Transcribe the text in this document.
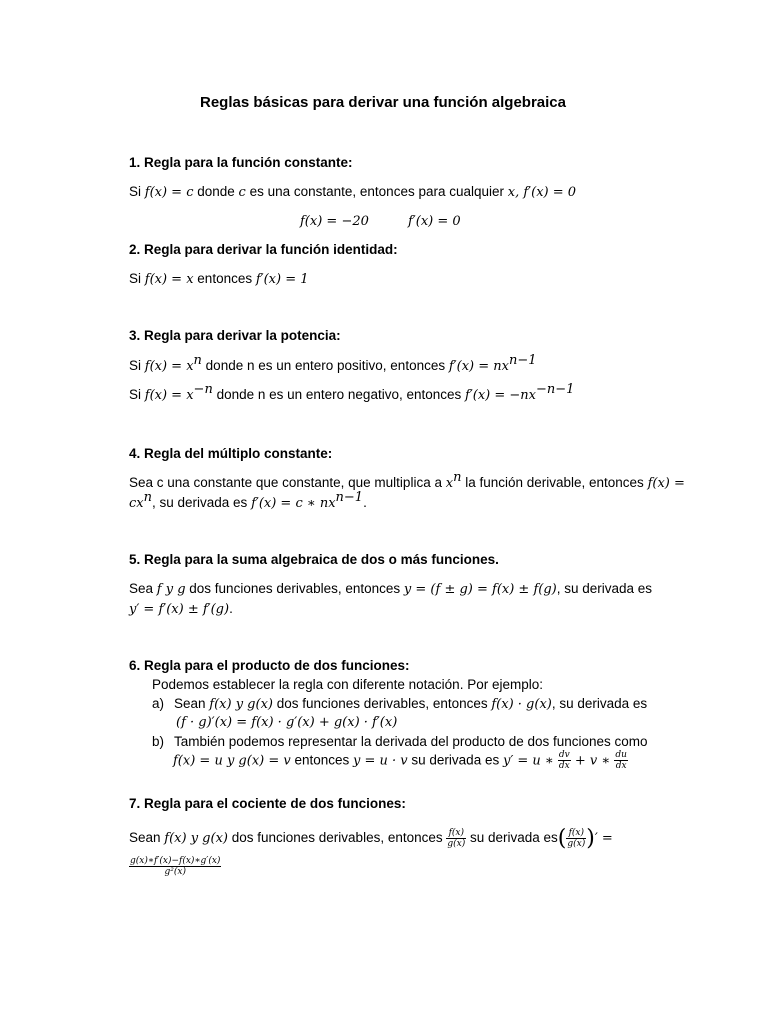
Reglas básicas para derivar una función algebraica
1. Regla para la función constante:
Si f(x) = c donde c es una constante, entonces para cualquier x, f′(x) = 0
f(x) = −20	f′(x) = 0
2. Regla para derivar la función identidad:
Si f(x) = x entonces f′(x) = 1
3. Regla para derivar la potencia:
Si $f(x) = x^n$ donde n es un entero positivo, entonces $f'(x) = nx^{n-1}$
Si $f(x) = x^{-n}$ donde n es un entero negativo, entonces $f'(x) = -nx^{-n-1}$
4. Regla del múltiplo constante:
Sea c una constante que constante, que multiplica a $x^n$ la función derivable, entonces f(x) =
$cx^n$, su derivada es f′(x) = c ∗ $nx^{n-1}$.
5. Regla para la suma algebraica de dos o más funciones.
Sea f y g dos funciones derivables, entonces y = (f ± g) = f(x) ± f(g), su derivada es
y′ = f′(x) ± f′(g).
6. Regla para el producto de dos funciones:
Podemos establecer la regla con diferente notación. Por ejemplo:
a) Sean f(x) y g(x) dos funciones derivables, entonces f(x) · g(x), su derivada es
(f · g)′(x) = f(x) · g′(x) + g(x) · f′(x)
b) También podemos representar la derivada del producto de dos funciones como
f(x) = u y g(x) = v entonces y = u · v su derivada es y′ = u ∗ $\frac{dv}{dx} + v$ ∗ $\frac{du}{dx}$
7. Regla para el cociente de dos funciones:
Sean f(x) y g(x) dos funciones derivables, entonces $\frac{f(x)}{g(x)}$ su derivada $es( \frac{f(x)}{g(x)}$ )′ =
$\frac{g(x)∗f'(x)-f(x)∗g'(x)}{\text{g²(x)}}$
